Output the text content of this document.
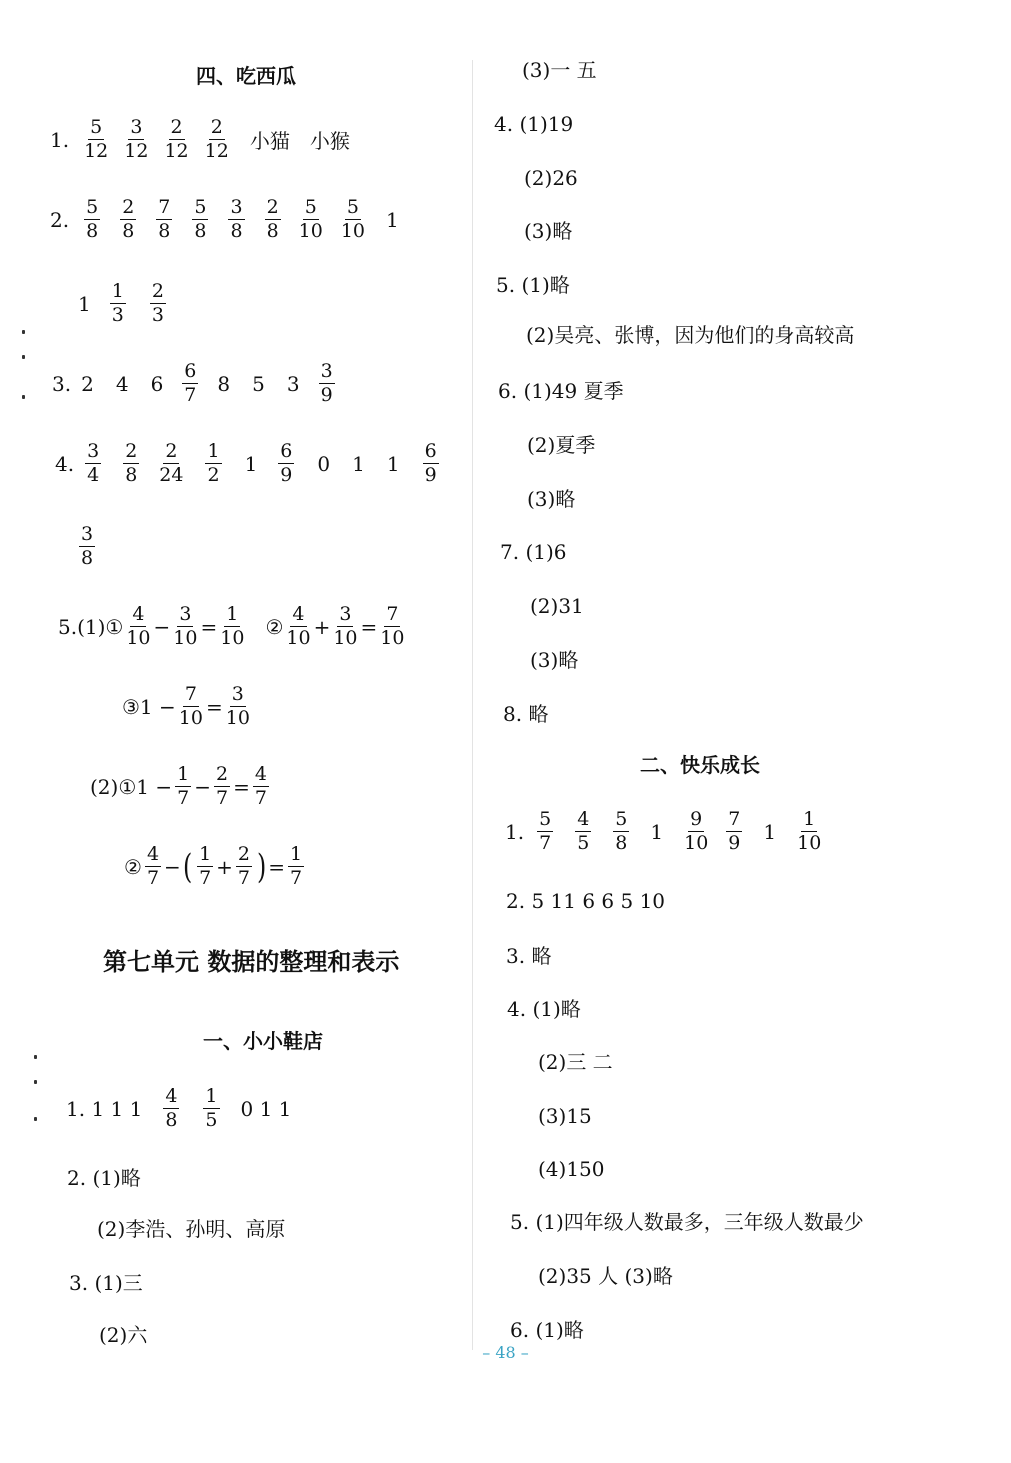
四、吃西瓜
1. $\frac{5}{12} \frac{3}{12} \frac{2}{12} \frac{2}{12}$ 小猫 小猴
2. $\frac{5}{8} \frac{2}{8} \frac{7}{8} \frac{5}{8} \frac{3}{8} \frac{2}{8} \frac{5}{10} \frac{5}{10} 1$
$1 \frac{1}{3} \frac{2}{3}$
3. 2 4 $6 \frac{6}{7} 8$ 5 $3 \frac{3}{9}$
4. $\frac{3}{4} \frac{2}{8} \frac{2}{24} \frac{1}{2} 1 \frac{6}{9} 0$ 1 $1 \frac{6}{9}$
$\frac{3}{8}$
5.(1)① $\frac{4}{10} - \frac{3}{10} = \frac{1}{10}$ ② $\frac{4}{10} + \frac{3}{10} = \frac{7}{10}$
③1 − $\frac{7}{10} = \frac{3}{10}$
(2)①1 − $\frac{1}{7} - \frac{2}{7} = \frac{4}{7}$
② $\frac{4}{7}$ − ( $\frac{1}{7} + \frac{2}{7}$ ) = $\frac{1}{7}$
第七单元 数据的整理和表示
一、小小鞋店
1. 1 1 $1 \frac{4}{8} \frac{1}{5} 0$ 1 1
2. (1)略
(2)李浩、孙明、高原
3. (1)三
(2)六
(3)一 五
4. (1)19
(2)26
(3)略
5. (1)略
(2)吴亮、张博，因为他们的身高较高
6. (1)49 夏季
(2)夏季
(3)略
7. (1)6
(2)31
(3)略
8. 略
二、快乐成长
1. $\frac{5}{7} \frac{4}{5} \frac{5}{8} 1 \frac{9}{10} \frac{7}{9} 1 \frac{1}{10}$
2. 5 11 6 6 5 10
3. 略
4. (1)略
(2)三 二
(3)15
(4)150
5. (1)四年级人数最多，三年级人数最少
(2)35 人 (3)略
6. (1)略
– 48 –
